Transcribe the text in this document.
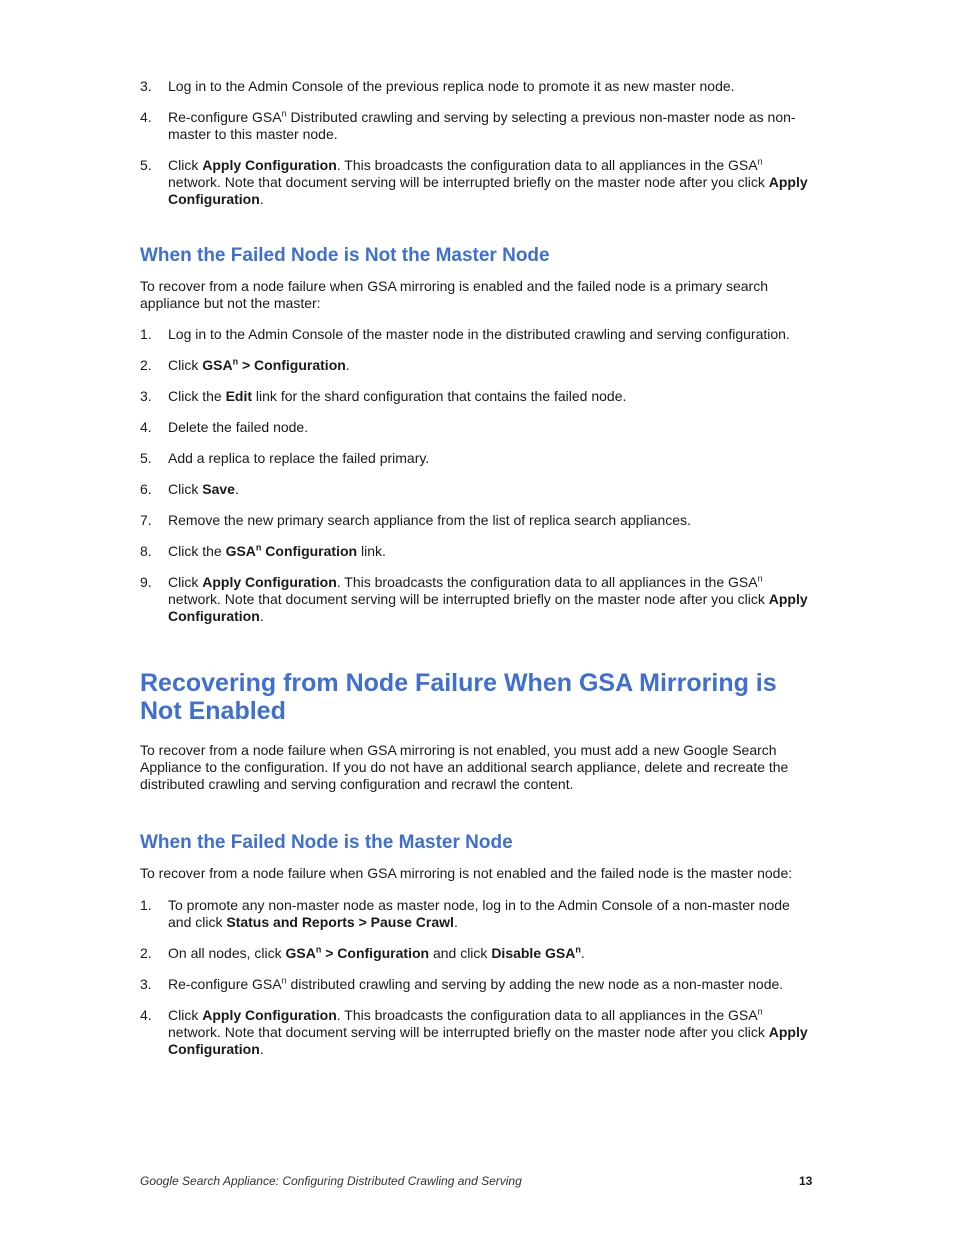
3. Log in to the Admin Console of the previous replica node to promote it as new master node.
4. Re-configure GSA$^n$ Distributed crawling and serving by selecting a previous non-master node as non-master to this master node.
5. Click Apply Configuration. This broadcasts the configuration data to all appliances in the GSA$^n$ network. Note that document serving will be interrupted briefly on the master node after you click Apply Configuration.
When the Failed Node is Not the Master Node

To recover from a node failure when GSA mirroring is enabled and the failed node is a primary search appliance but not the master:

1. Log in to the Admin Console of the master node in the distributed crawling and serving configuration.
2. Click $GSA^n$ > Configuration.
3. Click the Edit link for the shard configuration that contains the failed node.
4. Delete the failed node.
5. Add a replica to replace the failed primary.
6. Click Save.
7. Remove the new primary search appliance from the list of replica search appliances.
8. Click the GSA$^n$ Configuration link.
9. Click Apply Configuration. This broadcasts the configuration data to all appliances in the GSA$^n$ network. Note that document serving will be interrupted briefly on the master node after you click Apply Configuration.
Recovering from Node Failure When GSA Mirroring is Not Enabled

To recover from a node failure when GSA mirroring is not enabled, you must add a new Google Search Appliance to the configuration. If you do not have an additional search appliance, delete and recreate the distributed crawling and serving configuration and recrawl the content.

When the Failed Node is the Master Node

To recover from a node failure when GSA mirroring is not enabled and the failed node is the master node:

1. To promote any non-master node as master node, log in to the Admin Console of a non-master node and click Status and Reports > Pause Crawl.
2. On all nodes, click $GSA^n$ > Configuration and click Disable GSA$^n$.
3. Re-configure GSA$^n$ distributed crawling and serving by adding the new node as a non-master node.
4. Click Apply Configuration. This broadcasts the configuration data to all appliances in the GSA$^n$ network. Note that document serving will be interrupted briefly on the master node after you click Apply Configuration.
Google Search Appliance: Configuring Distributed Crawling and Serving	13
